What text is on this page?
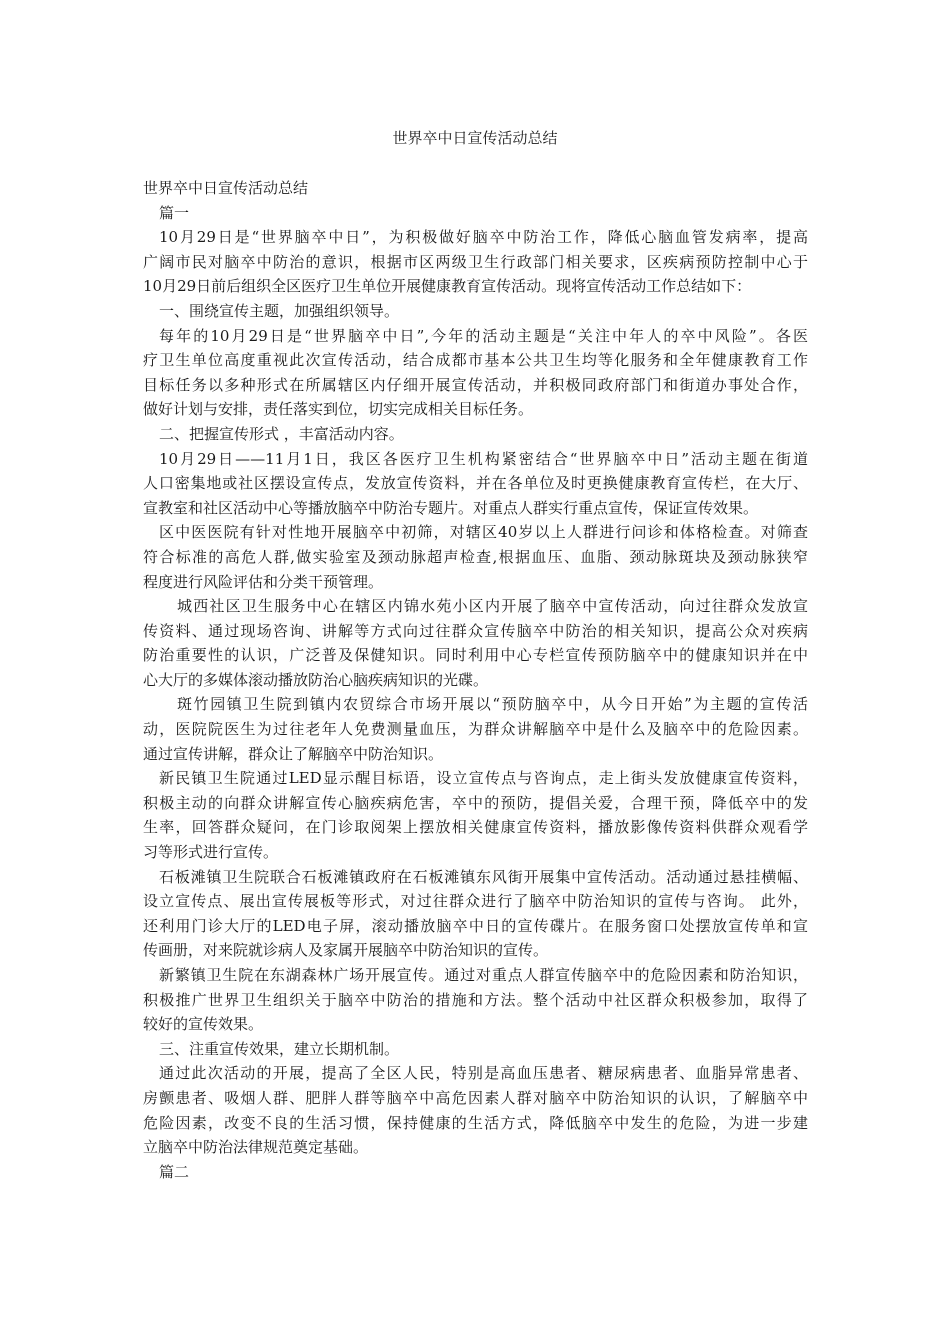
世界卒中日宣传活动总结
世界卒中日宣传活动总结
篇一
10月29日是“世界脑卒中日”，为积极做好脑卒中防治工作，降低心脑血管发病率，提高
广阔市民对脑卒中防治的意识，根据市区两级卫生行政部门相关要求，区疾病预防控制中心于
10月29日前后组织全区医疗卫生单位开展健康教育宣传活动。现将宣传活动工作总结如下：
一、围绕宣传主题，加强组织领导。
每年的10月29日是“世界脑卒中日”,今年的活动主题是“关注中年人的卒中风险”。各医
疗卫生单位高度重视此次宣传活动，结合成都市基本公共卫生均等化服务和全年健康教育工作
目标任务以多种形式在所属辖区内仔细开展宣传活动，并积极同政府部门和街道办事处合作，
做好计划与安排，责任落实到位，切实完成相关目标任务。
二、把握宣传形式 ，丰富活动内容。
10月29日——11月1日，我区各医疗卫生机构紧密结合“世界脑卒中日”活动主题在街道
人口密集地或社区摆设宣传点，发放宣传资料，并在各单位及时更换健康教育宣传栏，在大厅、
宣教室和社区活动中心等播放脑卒中防治专题片。对重点人群实行重点宣传，保证宣传效果。
区中医医院有针对性地开展脑卒中初筛，对辖区40岁以上人群进行问诊和体格检查。对筛查
符合标准的高危人群,做实验室及颈动脉超声检查,根据血压、血脂、颈动脉斑块及颈动脉狭窄
程度进行风险评估和分类干预管理。
城西社区卫生服务中心在辖区内锦水苑小区内开展了脑卒中宣传活动，向过往群众发放宣
传资料、通过现场咨询、讲解等方式向过往群众宣传脑卒中防治的相关知识，提高公众对疾病
防治重要性的认识，广泛普及保健知识。同时利用中心专栏宣传预防脑卒中的健康知识并在中
心大厅的多媒体滚动播放防治心脑疾病知识的光碟。
斑竹园镇卫生院到镇内农贸综合市场开展以“预防脑卒中，从今日开始”为主题的宣传活
动，医院院医生为过往老年人免费测量血压，为群众讲解脑卒中是什么及脑卒中的危险因素。
通过宣传讲解，群众让了解脑卒中防治知识。
新民镇卫生院通过LED显示醒目标语，设立宣传点与咨询点，走上街头发放健康宣传资料，
积极主动的向群众讲解宣传心脑疾病危害，卒中的预防，提倡关爱，合理干预，降低卒中的发
生率，回答群众疑问，在门诊取阅架上摆放相关健康宣传资料，播放影像传资料供群众观看学
习等形式进行宣传。
石板滩镇卫生院联合石板滩镇政府在石板滩镇东风街开展集中宣传活动。活动通过悬挂横幅、
设立宣传点、展出宣传展板等形式，对过往群众进行了脑卒中防治知识的宣传与咨询。 此外，
还利用门诊大厅的LED电子屏，滚动播放脑卒中日的宣传碟片。在服务窗口处摆放宣传单和宣
传画册，对来院就诊病人及家属开展脑卒中防治知识的宣传。
新繁镇卫生院在东湖森林广场开展宣传。通过对重点人群宣传脑卒中的危险因素和防治知识，
积极推广世界卫生组织关于脑卒中防治的措施和方法。整个活动中社区群众积极参加，取得了
较好的宣传效果。
三、注重宣传效果，建立长期机制。
通过此次活动的开展，提高了全区人民，特别是高血压患者、糖尿病患者、血脂异常患者、
房颤患者、吸烟人群、肥胖人群等脑卒中高危因素人群对脑卒中防治知识的认识，了解脑卒中
危险因素，改变不良的生活习惯，保持健康的生活方式，降低脑卒中发生的危险，为进一步建
立脑卒中防治法律规范奠定基础。
篇二
